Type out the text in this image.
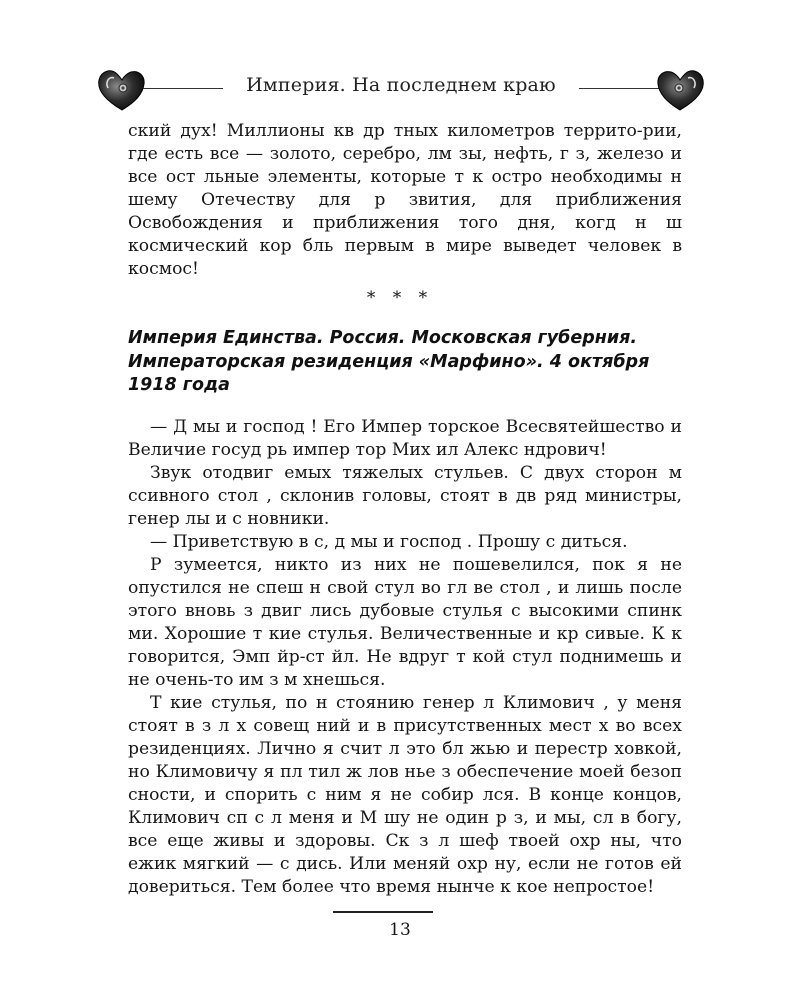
Империя. На последнем краю

ский дух! Миллионы кв др тных километров террито-рии, где есть все — золото, серебро, лм зы, нефть, г з, железо и все ост льные элементы, которые т к остро необходимы н шему Отечеству для р звития, для приближения Освобождения и приближения того дня, когд н ш космический кор бль первым в мире выведет человек в космос!

* * *
Империя Единства. Россия. Московская губерния. Императорская резиденция «Марфино». 4 октября 1918 года

— Д мы и господ ! Его Импер торское Всесвятейшество и Величие госуд рь импер тор Мих ил Алекс ндрович!

Звук отодвиг емых тяжелых стульев. С двух сторон м ссивного стол , склонив головы, стоят в дв ряд министры, генер лы и с новники.

— Приветствую в с, д мы и господ . Прошу с диться.

Р зумеется, никто из них не пошевелился, пок я не опустился не спеш н свой стул во гл ве стол , и лишь после этого вновь з двиг лись дубовые стулья с высокими спинк ми. Хорошие т кие стулья. Величественные и кр сивые. К к говорится, Эмп йр-ст йл. Не вдруг т кой стул поднимешь и не очень-то им з м хнешься.

Т кие стулья, по н стоянию генер л Климович , у меня стоят в з л х совещ ний и в присутственных мест х во всех резиденциях. Лично я счит л это бл жью и перестр ховкой, но Климовичу я пл тил ж лов нье з обеспечение моей безоп сности, и спорить с ним я не собир лся. В конце концов, Климович сп с л меня и М шу не один р з, и мы, сл в богу, все еще живы и здоровы. Ск з л шеф твоей охр ны, что ежик мягкий — с дись. Или меняй охр ну, если не готов ей довериться. Тем более что время нынче к кое непростое!

13
